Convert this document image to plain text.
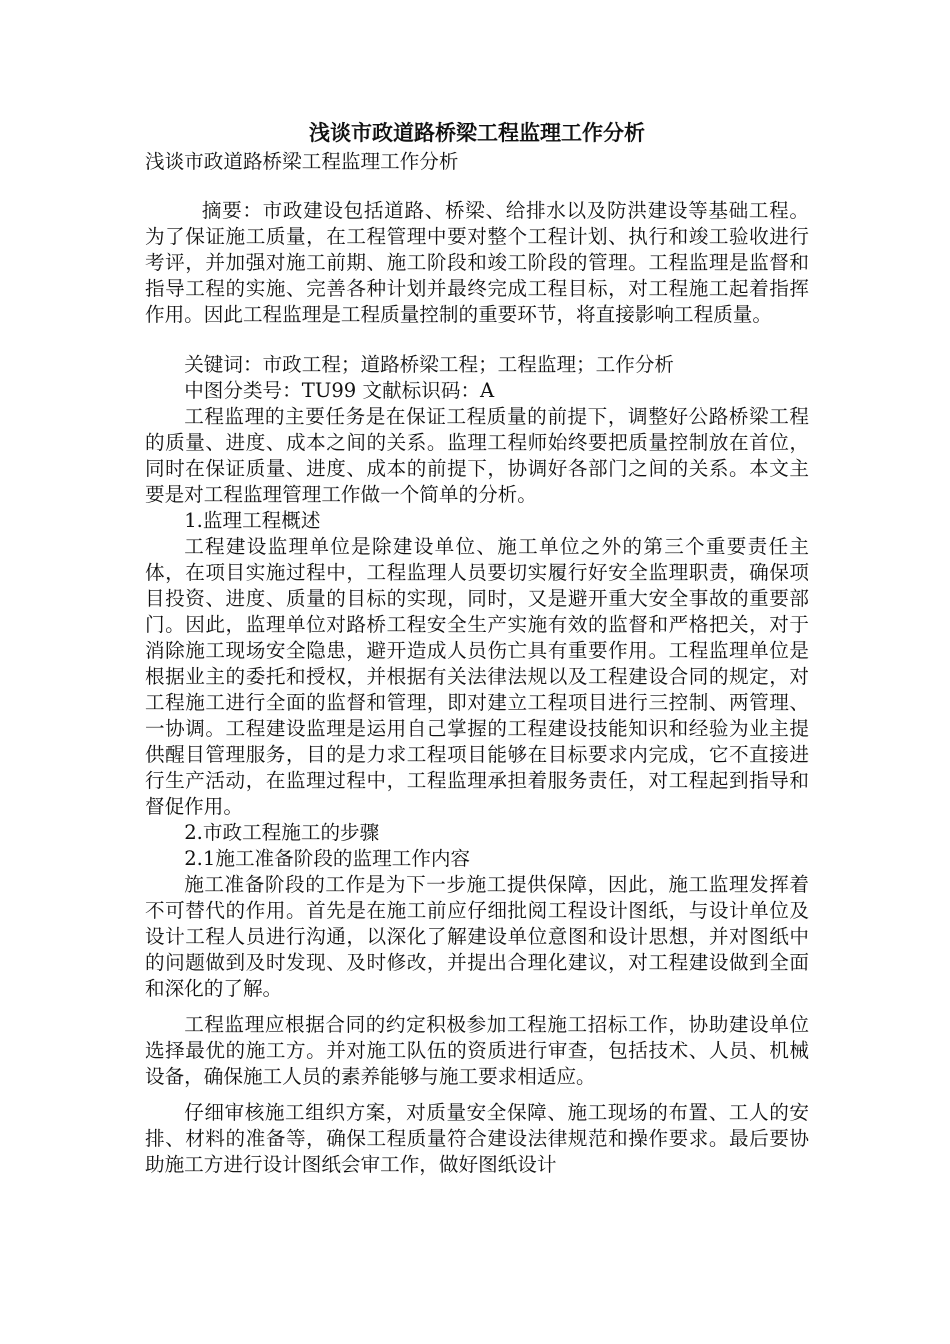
浅谈市政道路桥梁工程监理工作分析
浅谈市政道路桥梁工程监理工作分析

摘要：市政建设包括道路、桥梁、给排水以及防洪建设等基础工程。为了保证施工质量，在工程管理中要对整个工程计划、执行和竣工验收进行考评，并加强对施工前期、施工阶段和竣工阶段的管理。工程监理是监督和指导工程的实施、完善各种计划并最终完成工程目标，对工程施工起着指挥作用。因此工程监理是工程质量控制的重要环节，将直接影响工程质量。

关键词：市政工程；道路桥梁工程；工程监理；工作分析

中图分类号：TU99 文献标识码：A

工程监理的主要任务是在保证工程质量的前提下，调整好公路桥梁工程的质量、进度、成本之间的关系。监理工程师始终要把质量控制放在首位，同时在保证质量、进度、成本的前提下，协调好各部门之间的关系。本文主要是对工程监理管理工作做一个简单的分析。

1.监理工程概述

工程建设监理单位是除建设单位、施工单位之外的第三个重要责任主体，在项目实施过程中，工程监理人员要切实履行好安全监理职责，确保项目投资、进度、质量的目标的实现，同时，又是避开重大安全事故的重要部门。因此，监理单位对路桥工程安全生产实施有效的监督和严格把关，对于消除施工现场安全隐患，避开造成人员伤亡具有重要作用。工程监理单位是根据业主的委托和授权，并根据有关法律法规以及工程建设合同的规定，对工程施工进行全面的监督和管理，即对建立工程项目进行三控制、两管理、一协调。工程建设监理是运用自己掌握的工程建设技能知识和经验为业主提供醒目管理服务，目的是力求工程项目能够在目标要求内完成，它不直接进行生产活动，在监理过程中，工程监理承担着服务责任，对工程起到指导和督促作用。

2.市政工程施工的步骤

2.1施工准备阶段的监理工作内容

施工准备阶段的工作是为下一步施工提供保障，因此，施工监理发挥着不可替代的作用。首先是在施工前应仔细批阅工程设计图纸，与设计单位及设计工程人员进行沟通，以深化了解建设单位意图和设计思想，并对图纸中的问题做到及时发现、及时修改，并提出合理化建议，对工程建设做到全面和深化的了解。

工程监理应根据合同的约定积极参加工程施工招标工作，协助建设单位选择最优的施工方。并对施工队伍的资质进行审查，包括技术、人员、机械设备，确保施工人员的素养能够与施工要求相适应。

仔细审核施工组织方案，对质量安全保障、施工现场的布置、工人的安排、材料的准备等，确保工程质量符合建设法律规范和操作要求。最后要协助施工方进行设计图纸会审工作，做好图纸设计
